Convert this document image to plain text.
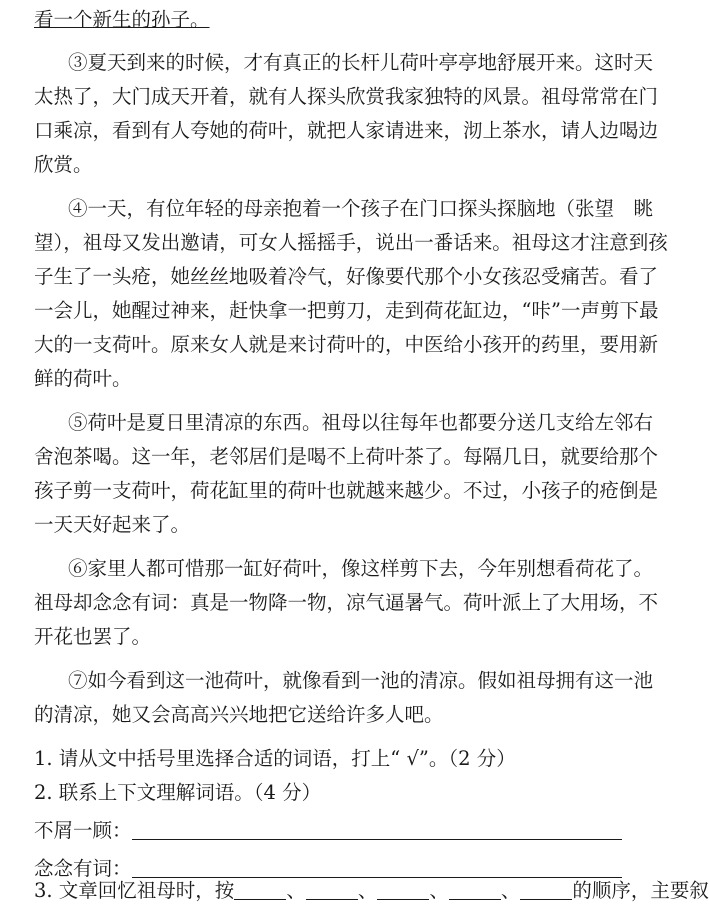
看一个新生的孙子。
③夏天到来的时候，才有真正的长杆儿荷叶亭亭地舒展开来。这时天
太热了，大门成天开着，就有人探头欣赏我家独特的风景。祖母常常在门
口乘凉，看到有人夸她的荷叶，就把人家请进来，沏上茶水，请人边喝边
欣赏。
④一天，有位年轻的母亲抱着一个孩子在门口探头探脑地（张望　眺
望），祖母又发出邀请，可女人摇摇手，说出一番话来。祖母这才注意到孩
子生了一头疮，她丝丝地吸着冷气，好像要代那个小女孩忍受痛苦。看了
一会儿，她醒过神来，赶快拿一把剪刀，走到荷花缸边，“咔”一声剪下最
大的一支荷叶。原来女人就是来讨荷叶的，中医给小孩开的药里，要用新
鲜的荷叶。
⑤荷叶是夏日里清凉的东西。祖母以往每年也都要分送几支给左邻右
舍泡茶喝。这一年，老邻居们是喝不上荷叶茶了。每隔几日，就要给那个
孩子剪一支荷叶，荷花缸里的荷叶也就越来越少。不过，小孩子的疮倒是
一天天好起来了。
⑥家里人都可惜那一缸好荷叶，像这样剪下去，今年别想看荷花了。
祖母却念念有词：真是一物降一物，凉气逼暑气。荷叶派上了大用场，不
开花也罢了。
⑦如今看到这一池荷叶，就像看到一池的清凉。假如祖母拥有这一池
的清凉，她又会高高兴兴地把它送给许多人吧。
1. 请从文中括号里选择合适的词语，打上“ √”。（2 分）
2. 联系上下文理解词语。（4 分）
不屑一顾：
念念有词：
3. 文章回忆祖母时，按	、	、	、	、	的顺序，主要叙
